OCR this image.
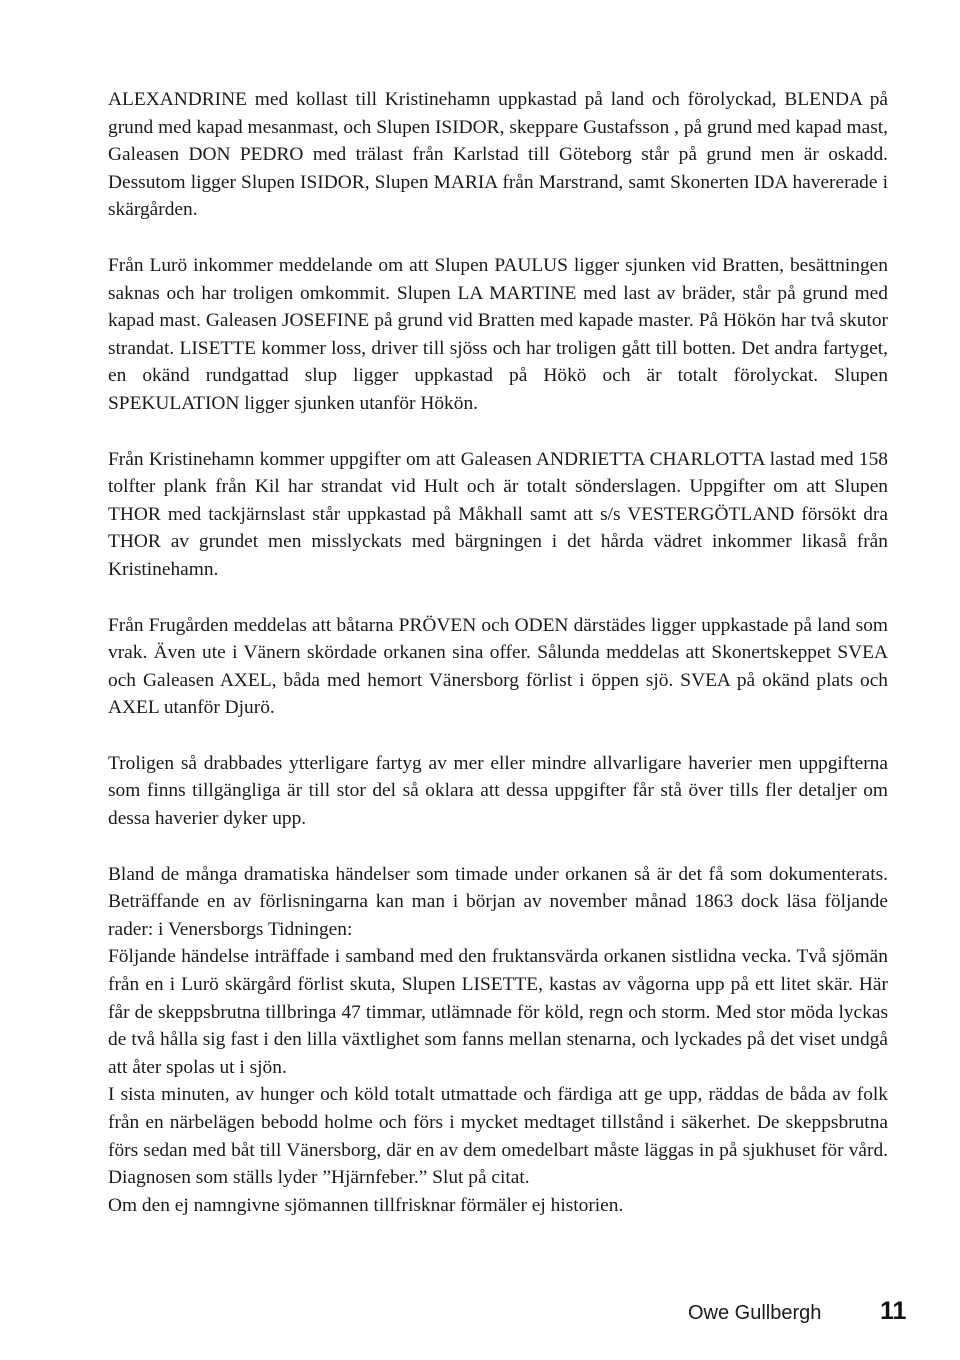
ALEXANDRINE med kollast till Kristinehamn uppkastad på land och förolyckad, BLENDA på grund med kapad mesanmast, och Slupen ISIDOR, skeppare Gustafsson , på grund med kapad mast, Galeasen DON PEDRO med trälast från Karlstad till Göteborg står på grund men är oskadd. Dessutom ligger Slupen ISIDOR, Slupen MARIA från Marstrand, samt Skonerten IDA havererade i skärgården.

Från Lurö inkommer meddelande om att Slupen PAULUS ligger sjunken vid Bratten, besättningen saknas och har troligen omkommit. Slupen LA MARTINE med last av bräder, står på grund med kapad mast. Galeasen JOSEFINE på grund vid Bratten med kapade master. På Hökön har två skutor strandat. LISETTE kommer loss, driver till sjöss och har troligen gått till botten. Det andra fartyget, en okänd rundgattad slup ligger uppkastad på Hökö och är totalt förolyckat. Slupen SPEKULATION ligger sjunken utanför Hökön.

Från Kristinehamn kommer uppgifter om att Galeasen ANDRIETTA CHARLOTTA lastad med 158 tolfter plank från Kil har strandat vid Hult och är totalt sönderslagen. Uppgifter om att Slupen THOR med tackjärnslast står uppkastad på Måkhall samt att s/s VESTERGÖTLAND försökt dra THOR av grundet men misslyckats med bärgningen i det hårda vädret inkommer likaså från Kristinehamn.

Från Frugården meddelas att båtarna PRÖVEN och ODEN därstädes ligger uppkastade på land som vrak. Även ute i Vänern skördade orkanen sina offer. Sålunda meddelas att Skonertskeppet SVEA och Galeasen AXEL, båda med hemort Vänersborg förlist i öppen sjö. SVEA på okänd plats och AXEL utanför Djurö.

Troligen så drabbades ytterligare fartyg av mer eller mindre allvarligare haverier men uppgifterna som finns tillgängliga är till stor del så oklara att dessa uppgifter får stå över tills fler detaljer om dessa haverier dyker upp.

Bland de många dramatiska händelser som timade under orkanen så är det få som dokumenterats. Beträffande en av förlisningarna kan man i början av november månad 1863 dock läsa följande rader: i Venersborgs Tidningen:

Följande händelse inträffade i samband med den fruktansvärda orkanen sistlidna vecka. Två sjömän från en i Lurö skärgård förlist skuta, Slupen LISETTE, kastas av vågorna upp på ett litet skär. Här får de skeppsbrutna tillbringa 47 timmar, utlämnade för köld, regn och storm. Med stor möda lyckas de två hålla sig fast i den lilla växtlighet som fanns mellan stenarna, och lyckades på det viset undgå att åter spolas ut i sjön.

I sista minuten, av hunger och köld totalt utmattade och färdiga att ge upp, räddas de båda av folk från en närbelägen bebodd holme och förs i mycket medtaget tillstånd i säkerhet. De skeppsbrutna förs sedan med båt till Vänersborg, där en av dem omedelbart måste läggas in på sjukhuset för vård. Diagnosen som ställs lyder ”Hjärnfeber.” Slut på citat.

Om den ej namngivne sjömannen tillfrisknar förmäler ej historien.

Owe Gullbergh 11
